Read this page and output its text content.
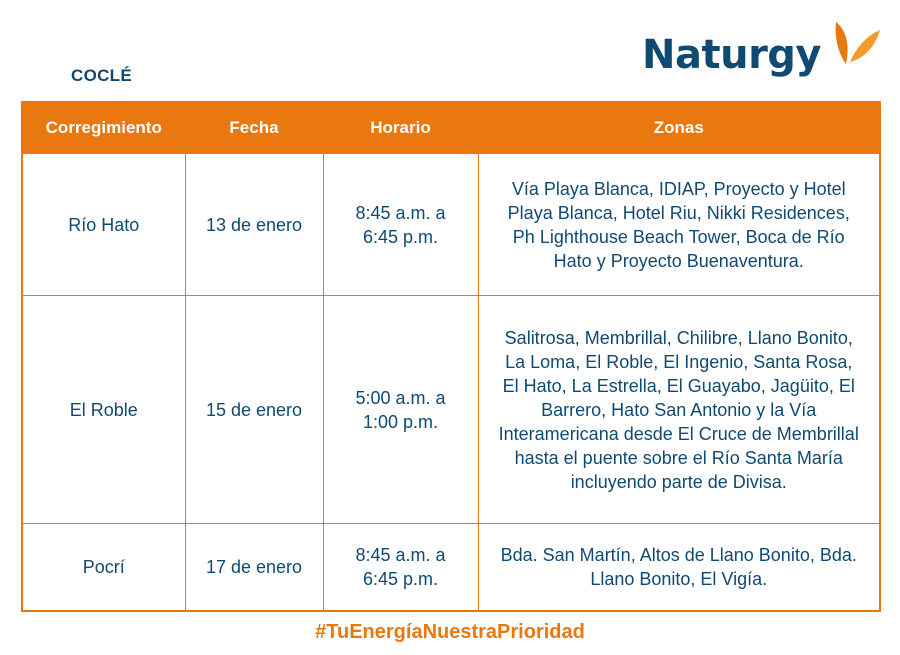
COCLÉ	Naturgy
Corregimiento	Fecha	Horario	Zonas
Río Hato	13 de enero	8:45 a.m. a 6:45 p.m.	Vía Playa Blanca, IDIAP, Proyecto y Hotel Playa Blanca, Hotel Riu, Nikki Residences, Ph Lighthouse Beach Tower, Boca de Río Hato y Proyecto Buenaventura.
El Roble	15 de enero	5:00 a.m. a 1:00 p.m.	Salitrosa, Membrillal, Chilibre, Llano Bonito, La Loma, El Roble, El Ingenio, Santa Rosa, El Hato, La Estrella, El Guayabo, Jagüito, El Barrero, Hato San Antonio y la Vía Interamericana desde El Cruce de Membrillal hasta el puente sobre el Río Santa María incluyendo parte de Divisa.
Pocrí	17 de enero	8:45 a.m. a 6:45 p.m.	Bda. San Martín, Altos de Llano Bonito, Bda. Llano Bonito, El Vigía.
#TuEnergíaNuestraPrioridad
